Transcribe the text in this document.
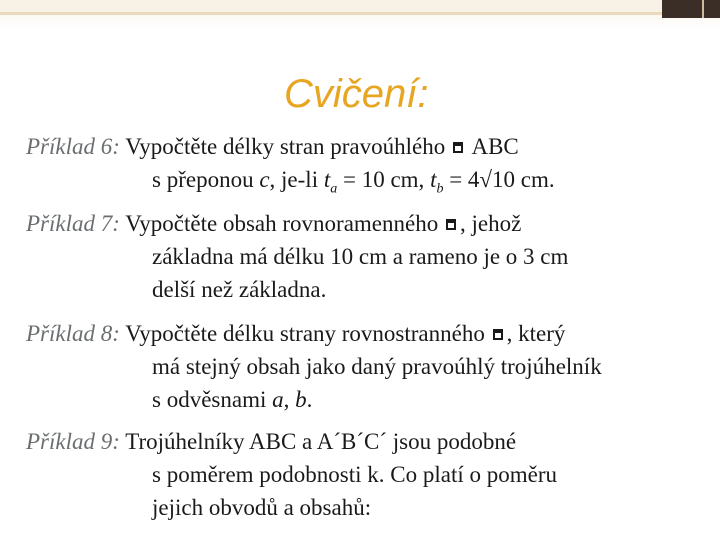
Cvičení:
Příklad 6: Vypočtěte délky stran pravoúhlého  ABC
s přeponou c, je-li $t_a = 10$ cm, $t_b = 4√10$ cm.
Příklad 7: Vypočtěte obsah rovnoramenného , jehož
základna má délku 10 cm a rameno je o 3 cm
delší než základna.
Příklad 8: Vypočtěte délku strany rovnostranného , který
má stejný obsah jako daný pravoúhlý trojúhelník
s odvěsnami a, b.
Příklad 9: Trojúhelníky ABC a A´B´C´ jsou podobné
s poměrem podobnosti k. Co platí o poměru
jejich obvodů a obsahů:
